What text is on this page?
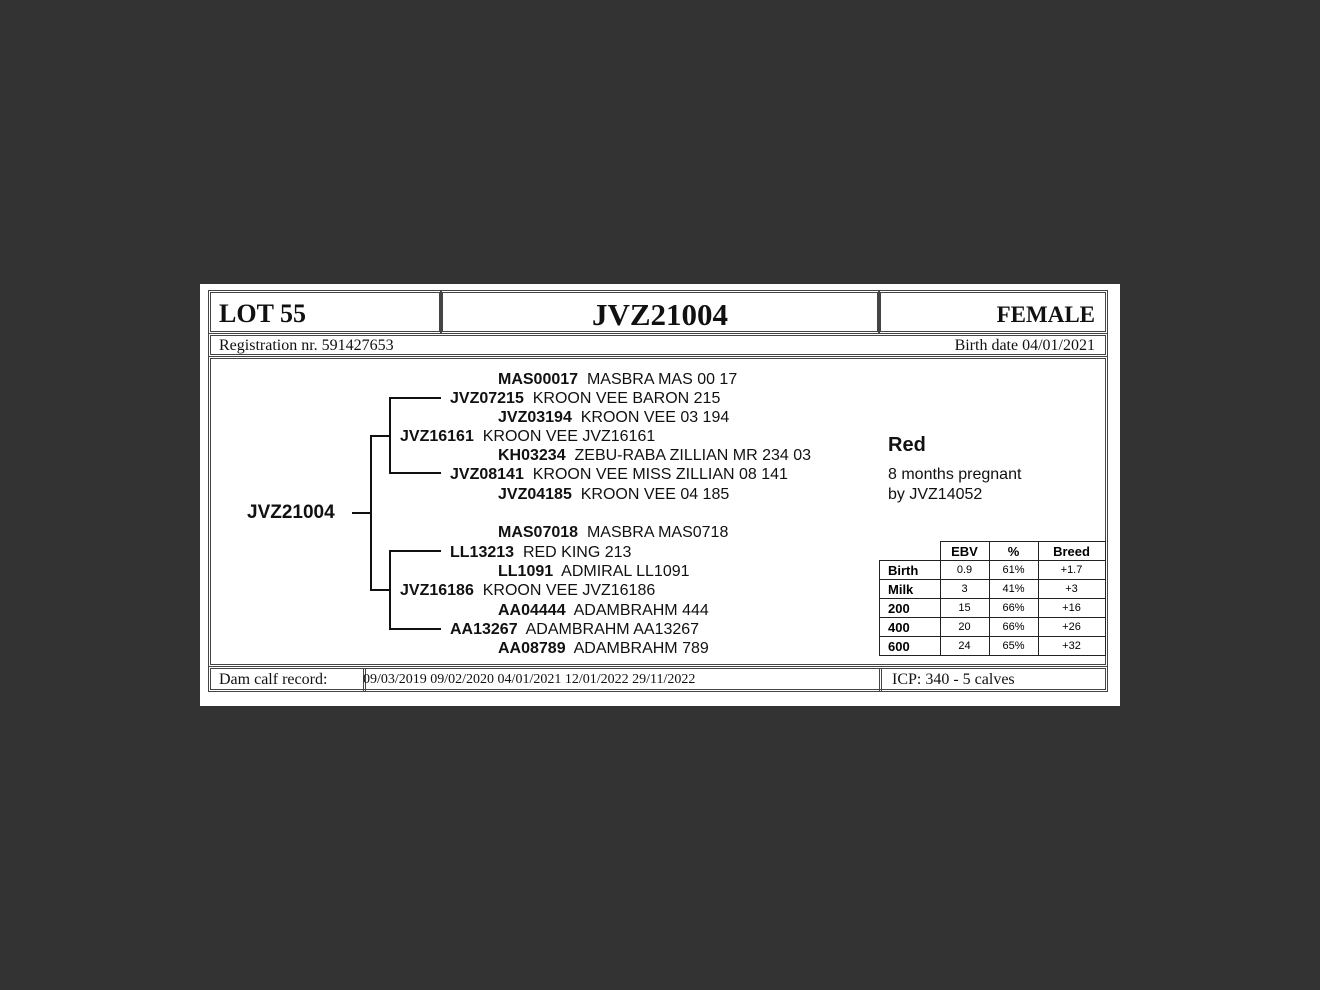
LOT 55	JVZ21004	FEMALE
Registration nr. 591427653	Birth date 04/01/2021
Dam calf record:	09/03/2019 09/02/2020 04/01/2021 12/01/2022 29/11/2022	ICP: 340 - 5 calves
JVZ21004
MAS00017 MASBRA MAS 00 17
JVZ07215 KROON VEE BARON 215
JVZ03194 KROON VEE 03 194
JVZ16161 KROON VEE JVZ16161
KH03234 ZEBU-RABA ZILLIAN MR 234 03
JVZ08141 KROON VEE MISS ZILLIAN 08 141
JVZ04185 KROON VEE 04 185
MAS07018 MASBRA MAS0718
LL13213 RED KING 213
LL1091 ADMIRAL LL1091
JVZ16186 KROON VEE JVZ16186
AA04444 ADAMBRAHM 444
AA13267 ADAMBRAHM AA13267
AA08789 ADAMBRAHM 789
Red
8 months pregnant
by JVZ14052
	EBV	%	Breed
Birth	0.9	61%	+1.7
Milk	3	41%	+3
200	15	66%	+16
400	20	66%	+26
600	24	65%	+32
